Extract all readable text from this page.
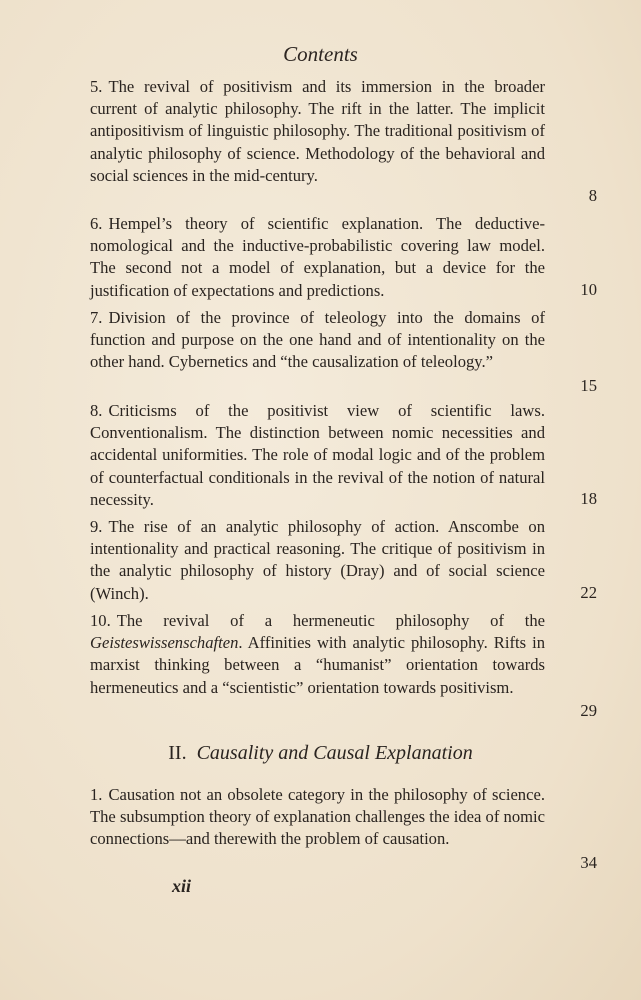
Contents
5. The revival of positivism and its immersion in the broader current of analytic philosophy. The rift in the latter. The implicit antipositivism of linguistic philosophy. The traditional positivism of analytic philosophy of science. Methodology of the behavioral and social sciences in the mid-century.
8
6. Hempel’s theory of scientific explanation. The deductive-nomological and the inductive-probabilistic covering law model. The second not a model of explanation, but a device for the justification of expectations and predictions.	10
7. Division of the province of teleology into the domains of function and purpose on the one hand and of intentionality on the other hand. Cybernetics and “the causalization of teleology.”
15
8. Criticisms of the positivist view of scientific laws. Conventionalism. The distinction between nomic necessities and accidental uniformities. The role of modal logic and of the problem of counterfactual conditionals in the revival of the notion of natural necessity.	18
9. The rise of an analytic philosophy of action. Anscombe on intentionality and practical reasoning. The critique of positivism in the analytic philosophy of history (Dray) and of social science (Winch).	22
10. The revival of a hermeneutic philosophy of the Geisteswissenschaften. Affinities with analytic philosophy. Rifts in marxist thinking between a “humanist” orientation towards hermeneutics and a “scientistic” orientation towards positivism.
29
II. Causality and Causal Explanation
1. Causation not an obsolete category in the philosophy of science. The subsumption theory of explanation challenges the idea of nomic connections—and therewith the problem of causation.
34
xii
